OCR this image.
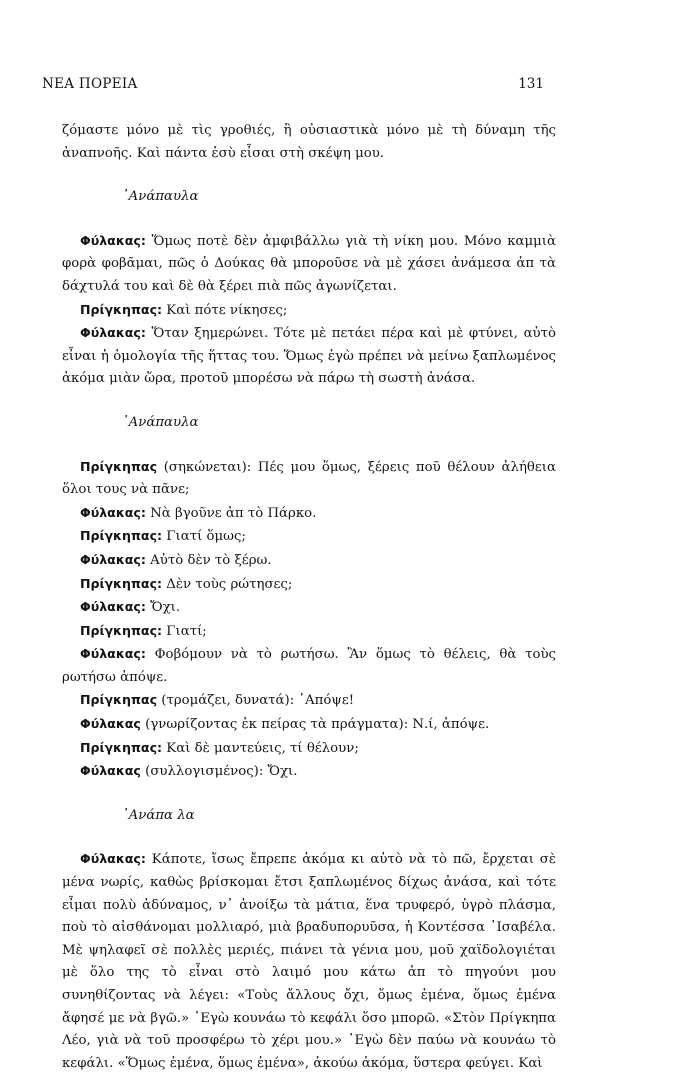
ΝΕΑ ΠΟΡΕΙΑ	131

ζόμαστε μόνο μὲ τὶς γροθιές, ἢ οὐσιαστικὰ μόνο μὲ τὴ δύναμη τῆς ἀναπνοῆς. Καὶ πάντα ἐσὺ εἶσαι στὴ σκέψη μου.

᾿Ανάπαυλα

Φύλακας: Ὅμως ποτὲ δὲν ἀμφιβάλλω γιὰ τὴ νίκη μου. Μόνο καμμιὰ φορὰ φοβᾶμαι, πῶς ὁ Δούκας θὰ μποροῦσε νὰ μὲ χάσει ἀνάμεσα ἀπ τὰ δάχτυλά του καὶ δὲ θὰ ξέρει πιὰ πῶς ἀγωνίζεται.

Πρίγκηπας: Καὶ πότε νίκησες;

Φύλακας: Ὅταν ξημερώνει. Τότε μὲ πετάει πέρα καὶ μὲ φτύνει, αὐτὸ εἶναι ἡ ὁμολογία τῆς ἥττας του. Ὅμως ἐγὼ πρέπει νὰ μείνω ξαπλωμένος ἀκόμα μιὰν ὥρα, προτοῦ μπορέσω νὰ πάρω τὴ σωστὴ ἀνάσα.

᾿Ανάπαυλα

Πρίγκηπας (σηκώνεται): Πές μου ὅμως, ξέρεις ποῦ θέλουν ἀλήθεια ὅλοι τους νὰ πᾶνε;

Φύλακας: Νὰ βγοῦνε ἀπ τὸ Πάρκο.

Πρίγκηπας: Γιατί ὅμως;

Φύλακας: Αὐτὸ δὲν τὸ ξέρω.

Πρίγκηπας: Δὲν τοὺς ρώτησες;

Φύλακας: Ὄχι.

Πρίγκηπας: Γιατί;

Φύλακας: Φοβόμουν νὰ τὸ ρωτήσω. Ἂν ὅμως τὸ θέλεις, θὰ τοὺς ρωτήσω ἀπόψε.

Πρίγκηπας (τρομάζει, δυνατά): ᾿Απόψε!

Φύλακας (γνωρίζοντας ἐκ πείρας τὰ πράγματα): Ν.ί, ἀπόψε.

Πρίγκηπας: Καὶ δὲ μαντεύεις, τί θέλουν;

Φύλακας (συλλογισμένος): Ὄχι.

᾿Ανάπα λα

Φύλακας: Κάποτε, ἴσως ἔπρεπε ἀκόμα κι αὐτὸ νὰ τὸ πῶ, ἔρχεται σὲ μένα νωρίς, καθὼς βρίσκομαι ἔτσι ξαπλωμένος δίχως ἀνάσα, καὶ τότε εἶμαι πολὺ ἀδύναμος, ν᾿ ἀνοίξω τὰ μάτια, ἕνα τρυφερό, ὑγρὸ πλάσμα, ποὺ τὸ αἰσθάνομαι μολλιαρό, μιὰ βραδυπορυῦσα, ἡ Κοντέσσα ᾿Ισαβέλα. Μὲ ψηλαφεῖ σὲ πολλὲς μεριές, πιάνει τὰ γένια μου, μοῦ χαϊδολογιέται μὲ ὅλο της τὸ εἶναι στὸ λαιμό μου κάτω ἀπ τὸ πηγούνι μου συνηθίζοντας νὰ λέγει: «Τοὺς ἄλλους ὄχι, ὅμως ἐμένα, ὅμως ἐμένα ἄφησέ με νὰ βγῶ.» ᾿Εγὼ κουνάω τὸ κεφάλι ὅσο μπορῶ. «Στὸν Πρίγκηπα Λέο, γιὰ νὰ τοῦ προσφέρω τὸ χέρι μου.» ᾿Εγὼ δὲν παύω νὰ κουνάω τὸ κεφάλι. «Ὅμως ἐμένα, ὅμως ἐμένα», ἀκούω ἀκόμα, ὕστερα φεύγει. Καὶ
